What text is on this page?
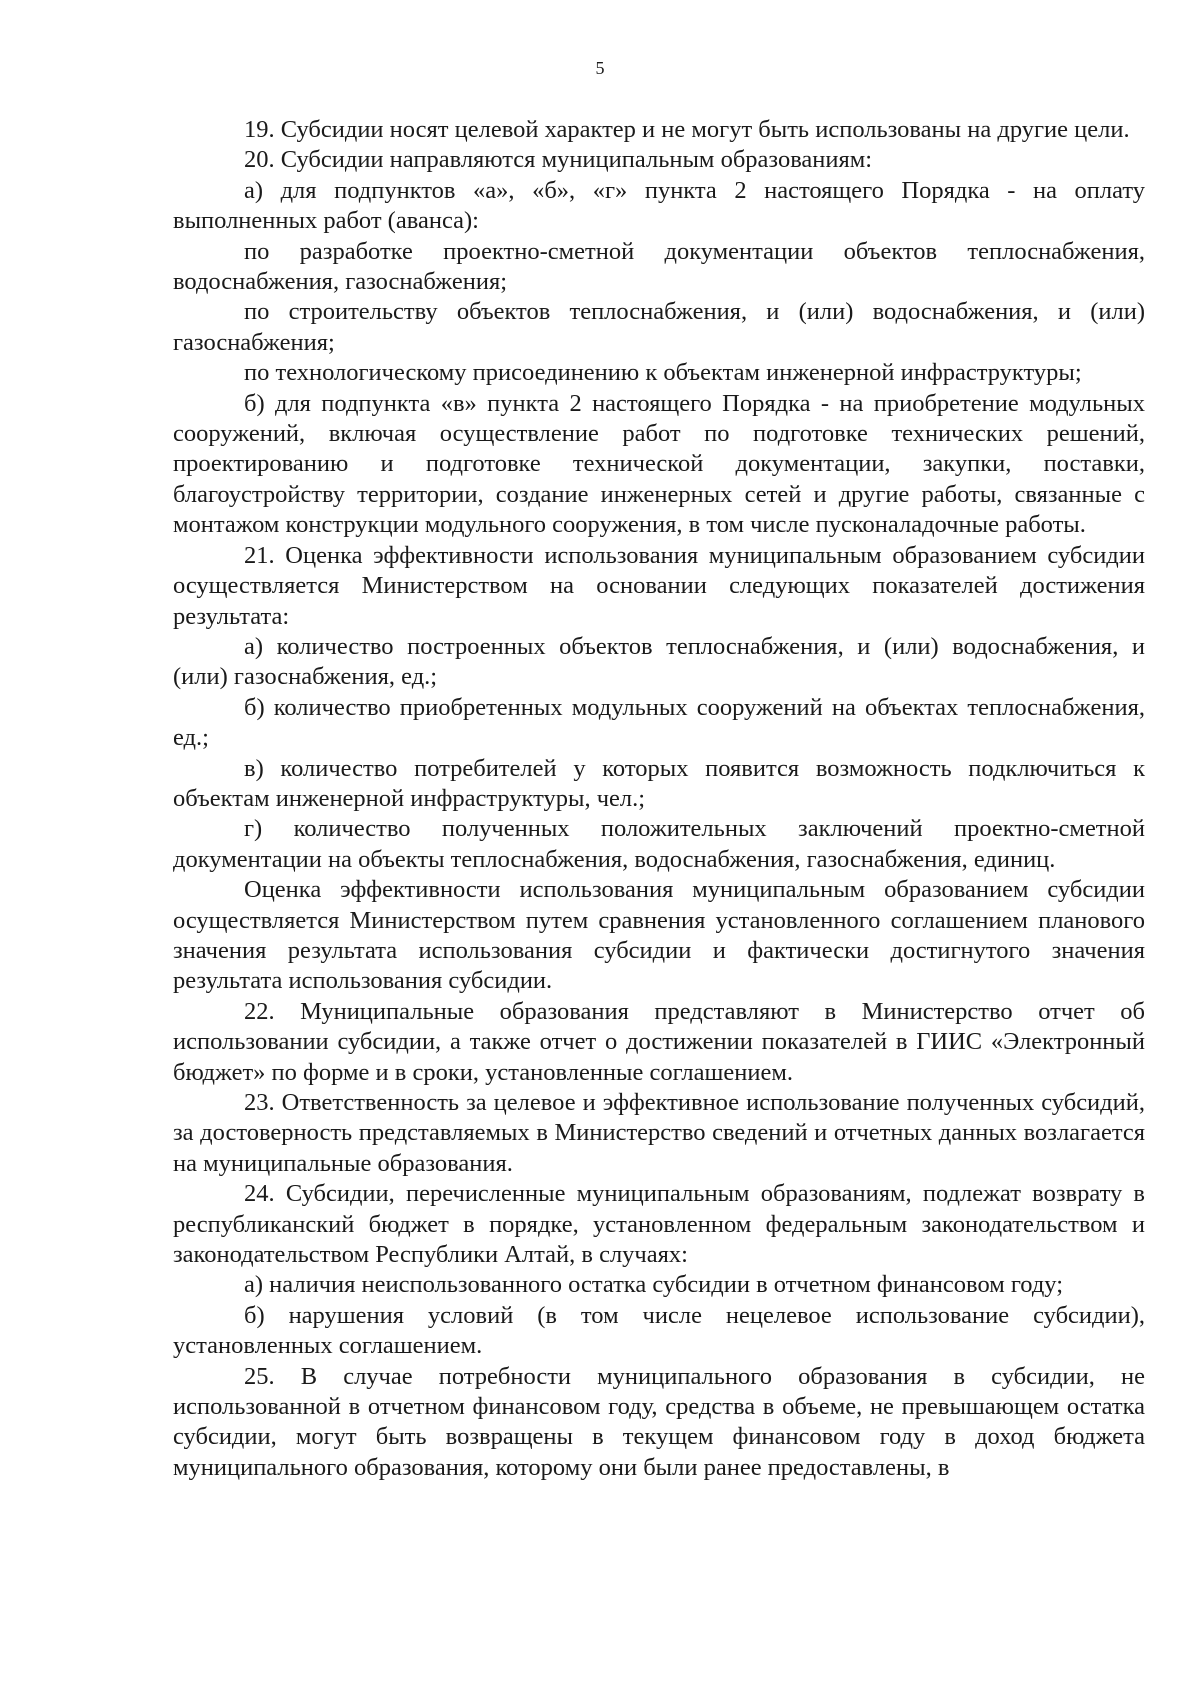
5

19. Субсидии носят целевой характер и не могут быть использованы на другие цели.

20. Субсидии направляются муниципальным образованиям:

а) для подпунктов «а», «б», «г» пункта 2 настоящего Порядка - на оплату выполненных работ (аванса):

по разработке проектно-сметной документации объектов теплоснабжения, водоснабжения, газоснабжения;

по строительству объектов теплоснабжения, и (или) водоснабжения, и (или) газоснабжения;

по технологическому присоединению к объектам инженерной инфраструктуры;

б) для подпункта «в» пункта 2 настоящего Порядка - на приобретение модульных сооружений, включая осуществление работ по подготовке технических решений, проектированию и подготовке технической документации, закупки, поставки, благоустройству территории, создание инженерных сетей и другие работы, связанные с монтажом конструкции модульного сооружения, в том числе пусконаладочные работы.

21. Оценка эффективности использования муниципальным образованием субсидии осуществляется Министерством на основании следующих показателей достижения результата:

а) количество построенных объектов теплоснабжения, и (или) водоснабжения, и (или) газоснабжения, ед.;

б) количество приобретенных модульных сооружений на объектах теплоснабжения, ед.;

в) количество потребителей у которых появится возможность подключиться к объектам инженерной инфраструктуры, чел.;

г) количество полученных положительных заключений проектно-сметной документации на объекты теплоснабжения, водоснабжения, газоснабжения, единиц.

Оценка эффективности использования муниципальным образованием субсидии осуществляется Министерством путем сравнения установленного соглашением планового значения результата использования субсидии и фактически достигнутого значения результата использования субсидии.

22. Муниципальные образования представляют в Министерство отчет об использовании субсидии, а также отчет о достижении показателей в ГИИС «Электронный бюджет» по форме и в сроки, установленные соглашением.

23. Ответственность за целевое и эффективное использование полученных субсидий, за достоверность представляемых в Министерство сведений и отчетных данных возлагается на муниципальные образования.

24. Субсидии, перечисленные муниципальным образованиям, подлежат возврату в республиканский бюджет в порядке, установленном федеральным законодательством и законодательством Республики Алтай, в случаях:

а) наличия неиспользованного остатка субсидии в отчетном финансовом году;

б) нарушения условий (в том числе нецелевое использование субсидии), установленных соглашением.

25. В случае потребности муниципального образования в субсидии, не использованной в отчетном финансовом году, средства в объеме, не превышающем остатка субсидии, могут быть возвращены в текущем финансовом году в доход бюджета муниципального образования, которому они были ранее предоставлены, в
